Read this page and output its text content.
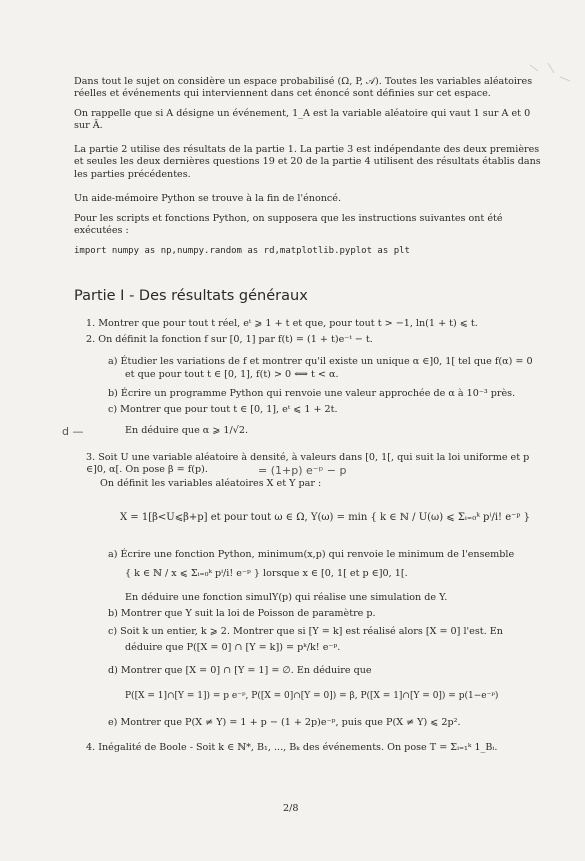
Dans tout le sujet on considère un espace probabilisé (Ω, P, 𝒜). Toutes les variables aléatoires réelles et événements qui interviennent dans cet énoncé sont définies sur cet espace.

On rappelle que si A désigne un événement, 1_A est la variable aléatoire qui vaut 1 sur A et 0 sur Ā.

La partie 2 utilise des résultats de la partie 1. La partie 3 est indépendante des deux premières et seules les deux dernières questions 19 et 20 de la partie 4 utilisent des résultats établis dans les parties précédentes.

Un aide-mémoire Python se trouve à la fin de l'énoncé.

Pour les scripts et fonctions Python, on supposera que les instructions suivantes ont été exécutées :

import numpy as np,numpy.random as rd,matplotlib.pyplot as plt

Partie I - Des résultats généraux

1. Montrer que pour tout t réel, eᵗ ⩾ 1 + t et que, pour tout t > −1, ln(1 + t) ⩽ t.

2. On définit la fonction f sur [0, 1] par f(t) = (1 + t)e⁻ᵗ − t.

a) Étudier les variations de f et montrer qu'il existe un unique α ∈]0, 1[ tel que f(α) = 0

et que pour tout t ∈ [0, 1], f(t) > 0 ⟺ t < α.

b) Écrire un programme Python qui renvoie une valeur approchée de α à 10⁻³ près.

c) Montrer que pour tout t ∈ [0, 1], eᵗ ⩽ 1 + 2t.

En déduire que α ⩾ 1/√2.

3. Soit U une variable aléatoire à densité, à valeurs dans [0, 1[, qui suit la loi uniforme et p ∈]0, α[. On pose β = f(p).

On définit les variables aléatoires X et Y par :

X = 1[β<U⩽β+p] et pour tout ω ∈ Ω, Y(ω) = min { k ∈ ℕ / U(ω) ⩽ Σᵢ₌₀ᵏ pⁱ/i! e⁻ᵖ }

a) Écrire une fonction Python, minimum(x,p) qui renvoie le minimum de l'ensemble

{ k ∈ ℕ / x ⩽ Σᵢ₌₀ᵏ pⁱ/i! e⁻ᵖ } lorsque x ∈ [0, 1[ et p ∈]0, 1[.

En déduire une fonction simulY(p) qui réalise une simulation de Y.

b) Montrer que Y suit la loi de Poisson de paramètre p.

c) Soit k un entier, k ⩾ 2. Montrer que si [Y = k] est réalisé alors [X = 0] l'est. En

déduire que P([X = 0] ∩ [Y = k]) = pᵏ/k! e⁻ᵖ.

d) Montrer que [X = 0] ∩ [Y = 1] = ∅. En déduire que

P([X = 1]∩[Y = 1]) = p e⁻ᵖ, P([X = 0]∩[Y = 0]) = β, P([X = 1]∩[Y = 0]) = p(1−e⁻ᵖ)

e) Montrer que P(X ≠ Y) = 1 + p − (1 + 2p)e⁻ᵖ, puis que P(X ≠ Y) ⩽ 2p².

4. Inégalité de Boole - Soit k ∈ ℕ*, B₁, ..., Bₖ des événements. On pose T = Σᵢ₌₁ᵏ 1_Bᵢ.

= (1+p) e⁻ᵖ − p
d —

2/8
